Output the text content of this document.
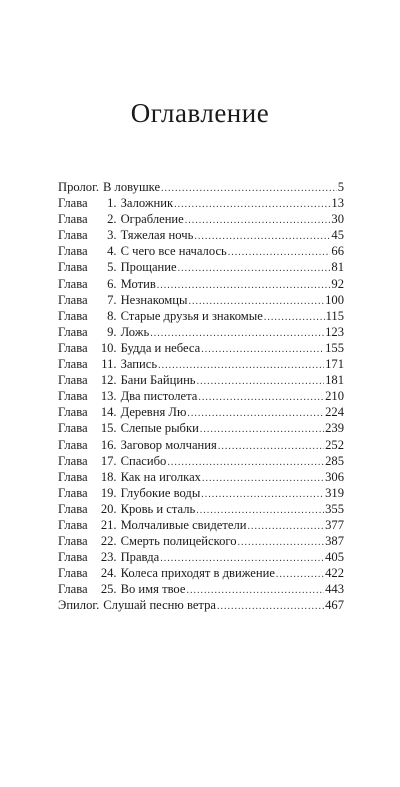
Оглавление
Пролог. В ловушке .....	5
Глава	1. Заложник .....	13
Глава	2. Ограбление .....	30
Глава	3. Тяжелая ночь .....	45
Глава	4. С чего все началось .....	66
Глава	5. Прощание .....	81
Глава	6. Мотив .....	92
Глава	7. Незнакомцы .....	100
Глава	8. Старые друзья и знакомые .....	115
Глава	9. Ложь .....	123
Глава	10. Будда и небеса .....	155
Глава	11. Запись .....	171
Глава	12. Бани Байцинь .....	181
Глава	13. Два пистолета .....	210
Глава	14. Деревня Лю .....	224
Глава	15. Слепые рыбки .....	239
Глава	16. Заговор молчания .....	252
Глава	17. Спасибо .....	285
Глава	18. Как на иголках .....	306
Глава	19. Глубокие воды .....	319
Глава	20. Кровь и сталь .....	355
Глава	21. Молчаливые свидетели .....	377
Глава	22. Смерть полицейского .....	387
Глава	23. Правда .....	405
Глава	24. Колеса приходят в движение .....	422
Глава	25. Во имя твое .....	443
Эпилог. Слушай песню ветра .....	467
